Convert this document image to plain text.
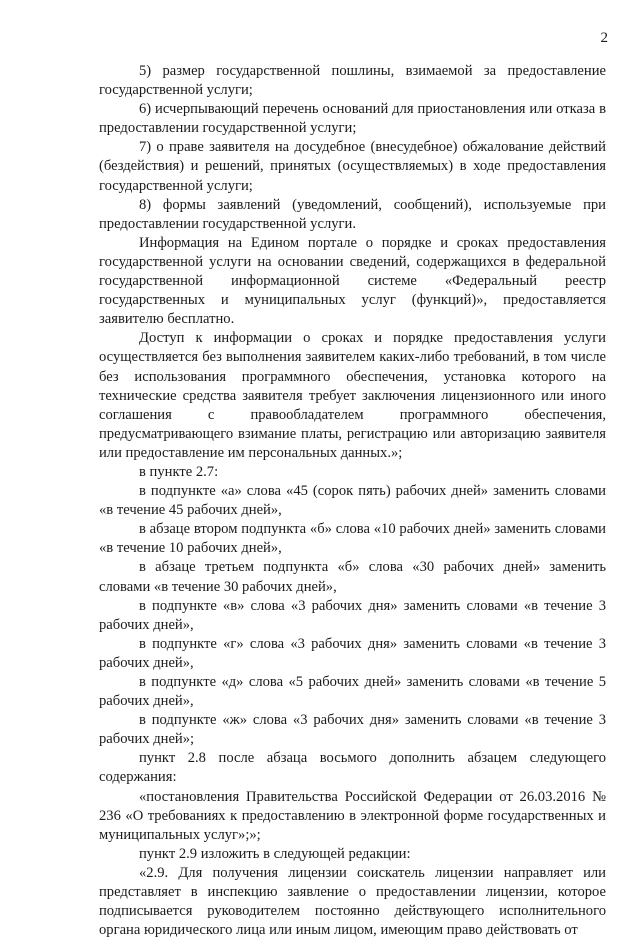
2

5) размер государственной пошлины, взимаемой за предоставление государственной услуги;

6) исчерпывающий перечень оснований для приостановления или отказа в предоставлении государственной услуги;

7) о праве заявителя на досудебное (внесудебное) обжалование действий (бездействия) и решений, принятых (осуществляемых) в ходе предоставления государственной услуги;

8) формы заявлений (уведомлений, сообщений), используемые при предоставлении государственной услуги.

Информация на Едином портале о порядке и сроках предоставления государственной услуги на основании сведений, содержащихся в федеральной государственной информационной системе «Федеральный реестр государственных и муниципальных услуг (функций)», предоставляется заявителю бесплатно.

Доступ к информации о сроках и порядке предоставления услуги осуществляется без выполнения заявителем каких-либо требований, в том числе без использования программного обеспечения, установка которого на технические средства заявителя требует заключения лицензионного или иного соглашения с правообладателем программного обеспечения, предусматривающего взимание платы, регистрацию или авторизацию заявителя или предоставление им персональных данных.»;

в пункте 2.7:

в подпункте «а» слова «45 (сорок пять) рабочих дней» заменить словами «в течение 45 рабочих дней»,

в абзаце втором подпункта «б» слова «10 рабочих дней» заменить словами «в течение 10 рабочих дней»,

в абзаце третьем подпункта «б» слова «30 рабочих дней» заменить словами «в течение 30 рабочих дней»,

в подпункте «в» слова «3 рабочих дня» заменить словами «в течение 3 рабочих дней»,

в подпункте «г» слова «3 рабочих дня» заменить словами «в течение 3 рабочих дней»,

в подпункте «д» слова «5 рабочих дней» заменить словами «в течение 5 рабочих дней»,

в подпункте «ж» слова «3 рабочих дня» заменить словами «в течение 3 рабочих дней»;

пункт 2.8 после абзаца восьмого дополнить абзацем следующего содержания:

«постановления Правительства Российской Федерации от 26.03.2016 № 236 «О требованиях к предоставлению в электронной форме государственных и муниципальных услуг»;»;

пункт 2.9 изложить в следующей редакции:

«2.9. Для получения лицензии соискатель лицензии направляет или представляет в инспекцию заявление о предоставлении лицензии, которое подписывается руководителем постоянно действующего исполнительного органа юридического лица или иным лицом, имеющим право действовать от
